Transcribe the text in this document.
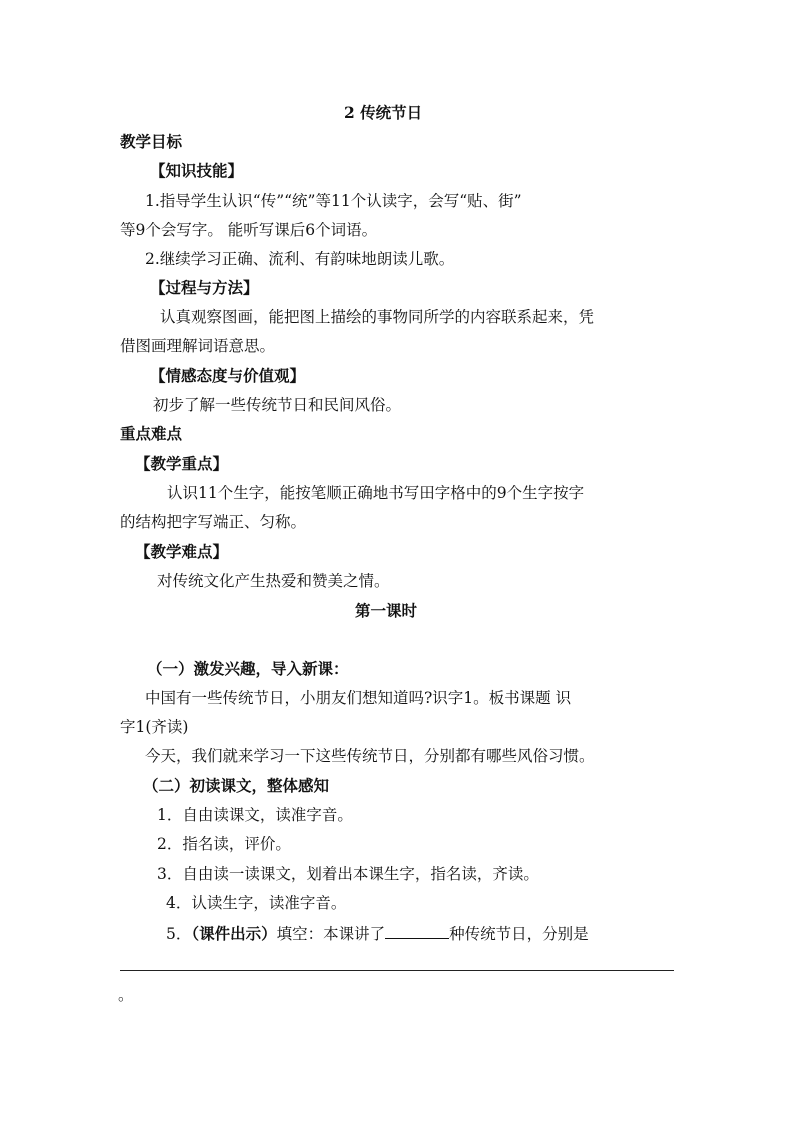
2 传统节日
教学目标
【知识技能】
1.指导学生认识“传”“统”等11个认读字，会写“贴、街”
等9个会写字。 能听写课后6个词语。
2.继续学习正确、流利、有韵味地朗读儿歌。
【过程与方法】
认真观察图画，能把图上描绘的事物同所学的内容联系起来，凭
借图画理解词语意思。
【情感态度与价值观】
初步了解一些传统节日和民间风俗。
重点难点
【教学重点】
认识11个生字，能按笔顺正确地书写田字格中的9个生字按字
的结构把字写端正、匀称。
【教学难点】
对传统文化产生热爱和赞美之情。
第一课时
（一）激发兴趣，导入新课：
中国有一些传统节日，小朋友们想知道吗?识字1。板书课题 识
字1(齐读)
今天，我们就来学习一下这些传统节日，分别都有哪些风俗习惯。
（二）初读课文，整体感知
1．自由读课文，读准字音。
2．指名读，评价。
3．自由读一读课文，划着出本课生字，指名读，齐读。
4．认读生字，读准字音。
5．（课件出示）填空：本课讲了	种传统节日，分别是
。
